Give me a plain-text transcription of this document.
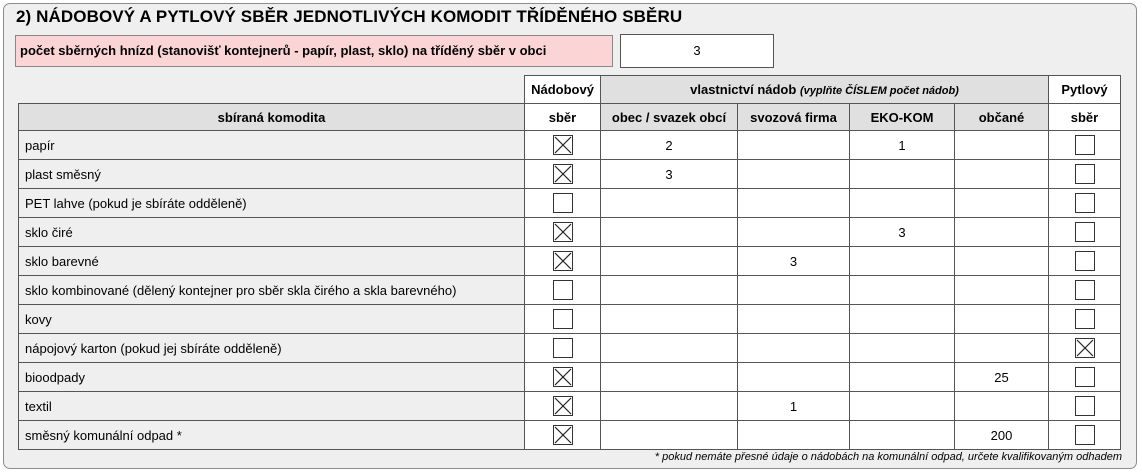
2) NÁDOBOVÝ A PYTLOVÝ SBĚR JEDNOTLIVÝCH KOMODIT TŘÍDĚNÉHO SBĚRU
počet sběrných hnízd (stanovišť kontejnerů - papír, plast, sklo) na tříděný sběr v obci	3
	Nádobový	vlastnictví nádob (vyplňte ČÍSLEM počet nádob)				Pytlový
sbíraná komodita	sběr	obec / svazek obcí	svozová firma	EKO-KOM	občané	sběr
papír		2		1		
plast směsný		3				
PET lahve (pokud je sbíráte odděleně)						
sklo čiré				3		
sklo barevné			3			
sklo kombinované (dělený kontejner pro sběr skla čirého a skla barevného)						
kovy						
nápojový karton (pokud jej sbíráte odděleně)						

bioodpady					25	
textil			1			
směsný komunální odpad *					200	
* pokud nemáte přesné údaje o nádobách na komunální odpad, určete kvalifikovaným odhadem
